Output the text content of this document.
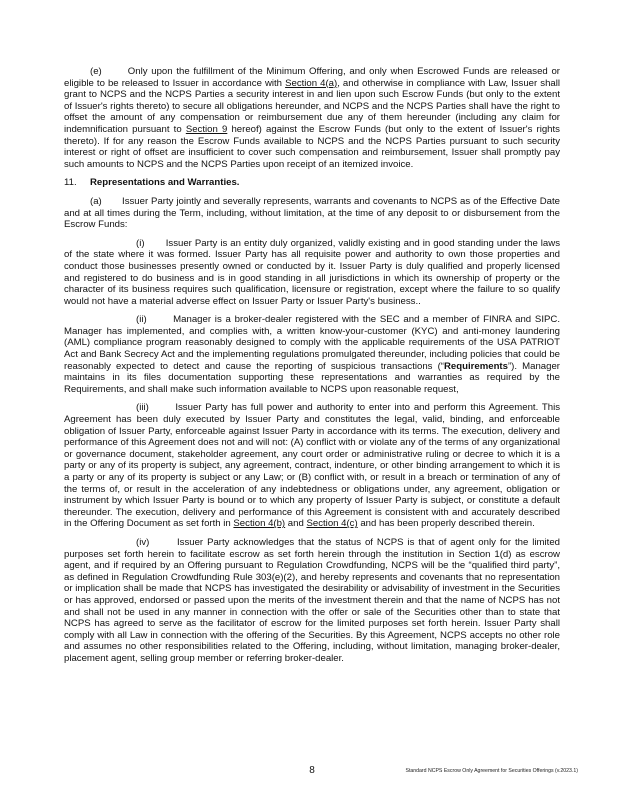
(e)       Only upon the fulfillment of the Minimum Offering, and only when Escrowed Funds are released or eligible to be released to Issuer in accordance with Section 4(a), and otherwise in compliance with Law, Issuer shall grant to NCPS and the NCPS Parties a security interest in and lien upon such Escrow Funds (but only to the extent of Issuer's rights thereto) to secure all obligations hereunder, and NCPS and the NCPS Parties shall have the right to offset the amount of any compensation or reimbursement due any of them hereunder (including any claim for indemnification pursuant to Section 9 hereof) against the Escrow Funds (but only to the extent of Issuer's rights thereto). If for any reason the Escrow Funds available to NCPS and the NCPS Parties pursuant to such security interest or right of offset are insufficient to cover such compensation and reimbursement, Issuer shall promptly pay such amounts to NCPS and the NCPS Parties upon receipt of an itemized invoice.

11. Representations and Warranties.

(a)       Issuer Party jointly and severally represents, warrants and covenants to NCPS as of the Effective Date and at all times during the Term, including, without limitation, at the time of any deposit to or disbursement from the Escrow Funds:

(i)       Issuer Party is an entity duly organized, validly existing and in good standing under the laws of the state where it was formed. Issuer Party has all requisite power and authority to own those properties and conduct those businesses presently owned or conducted by it. Issuer Party is duly qualified and properly licensed and registered to do business and is in good standing in all jurisdictions in which its ownership of property or the character of its business requires such qualification, licensure or registration, except where the failure to so qualify would not have a material adverse effect on Issuer Party or Issuer Party's business..

(ii)       Manager is a broker-dealer registered with the SEC and a member of FINRA and SIPC. Manager has implemented, and complies with, a written know-your-customer (KYC) and anti-money laundering (AML) compliance program reasonably designed to comply with the applicable requirements of the USA PATRIOT Act and Bank Secrecy Act and the implementing regulations promulgated thereunder, including policies that could be reasonably expected to detect and cause the reporting of suspicious transactions (“Requirements”). Manager maintains in its files documentation supporting these representations and warranties as required by the Requirements, and shall make such information available to NCPS upon reasonable request,

(iii)       Issuer Party has full power and authority to enter into and perform this Agreement. This Agreement has been duly executed by Issuer Party and constitutes the legal, valid, binding, and enforceable obligation of Issuer Party, enforceable against Issuer Party in accordance with its terms. The execution, delivery and performance of this Agreement does not and will not: (A) conflict with or violate any of the terms of any organizational or governance document, stakeholder agreement, any court order or administrative ruling or decree to which it is a party or any of its property is subject, any agreement, contract, indenture, or other binding arrangement to which it is a party or any of its property is subject or any Law; or (B) conflict with, or result in a breach or termination of any of the terms of, or result in the acceleration of any indebtedness or obligations under, any agreement, obligation or instrument by which Issuer Party is bound or to which any property of Issuer Party is subject, or constitute a default thereunder. The execution, delivery and performance of this Agreement is consistent with and accurately described in the Offering Document as set forth in Section 4(b) and Section 4(c) and has been properly described therein.

(iv)       Issuer Party acknowledges that the status of NCPS is that of agent only for the limited purposes set forth herein to facilitate escrow as set forth herein through the institution in Section 1(d) as escrow agent, and if required by an Offering pursuant to Regulation Crowdfunding, NCPS will be the “qualified third party”, as defined in Regulation Crowdfunding Rule 303(e)(2), and hereby represents and covenants that no representation or implication shall be made that NCPS has investigated the desirability or advisability of investment in the Securities or has approved, endorsed or passed upon the merits of the investment therein and that the name of NCPS has not and shall not be used in any manner in connection with the offer or sale of the Securities other than to state that NCPS has agreed to serve as the facilitator of escrow for the limited purposes set forth herein. Issuer Party shall comply with all Law in connection with the offering of the Securities. By this Agreement, NCPS accepts no other role and assumes no other responsibilities related to the Offering, including, without limitation, managing broker-dealer, placement agent, selling group member or referring broker-dealer.

8	Standard NCPS Escrow Only Agreement for Securities Offerings (v.2023.1)
